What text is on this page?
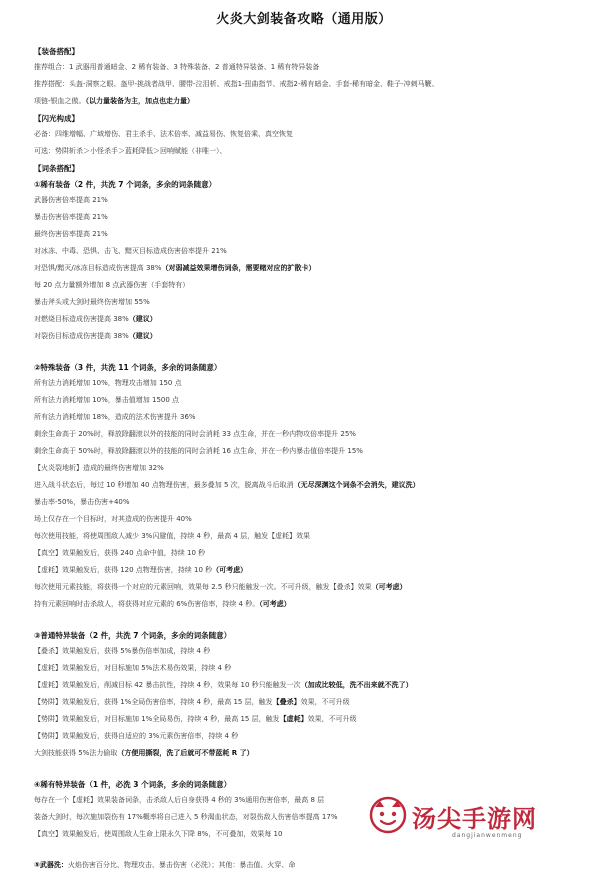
火炎大剑装备攻略（通用版）
【装备搭配】
推荐组合：1 武器用普通暗金、2 稀有装备、3 特殊装备、2 普通特异装备、1 稀有特异装备
推荐搭配：头盔-洞察之眼、盔甲-挑战者战甲、腰带-泣泪析、戒指1-扭曲指节、戒指2-稀有暗金、手套-稀有暗金、鞋子-冲刺马鞭、
项链-银血之傲。（以力量装备为主，加点也走力量）
【闪光构成】
必备：四维增幅、广域增伤、君主杀手、法术倍率、减益易伤、恢复倍乘、真空恢复
可选：势阱斩杀＞小怪杀手＞蓝耗降低＞回响赋能（非唯一）、
【词条搭配】
①稀有装备（2 件，共洗 7 个词条，多余的词条随意）
武器伤害倍率提高 21%
暴击伤害倍率提高 21%
最终伤害倍率提高 21%
对冰冻、中毒、恐惧、击飞、黯灭目标造成伤害倍率提升 21%
对恐惧/黯灭/冰冻目标造成伤害提高 38%（对弱减益效果增伤词条，需要赌对应的扩散卡）
每 20 点力量额外增加 8 点武器伤害（手套特有）
暴击斧头或大剑时最终伤害增加 55%
对燃烧目标造成伤害提高 38%（建议）
对裂伤目标造成伤害提高 38%（建议）
②特殊装备（3 件，共洗 11 个词条，多余的词条随意）
所有法力消耗增加 10%，物理攻击增加 150 点
所有法力消耗增加 10%，暴击值增加 1500 点
所有法力消耗增加 18%，造成的法术伤害提升 36%
剩余生命高于 20%时，释放除翻滚以外的技能的同时会消耗 33 点生命，并在一秒内物攻倍率提升 25%
剩余生命高于 50%时，释放除翻滚以外的技能的同时会消耗 16 点生命，并在一秒内暴击值倍率提升 15%
【火炎裂地斩】造成的最终伤害增加 32%
进入战斗状态后，每过 10 秒增加 40 点物理伤害，最多叠加 5 次，脱离战斗后取消（无尽深渊这个词条不会消失，建议洗）
暴击率-50%，暴击伤害+40%
场上仅存在一个目标时，对其造成的伤害提升 40%
每次使用技能，将使周围敌人减少 3%闪避值，持续 4 秒，最高 4 层，触发【虚耗】效果
【真空】效果触发后，获得 240 点命中值，持续 10 秒
【虚耗】效果触发后，获得 120 点物理伤害，持续 10 秒（可考虑）
每次使用元素技能，将获得一个对应的元素回响，效果每 2.5 秒只能触发一次。不可升级，触发【叠杀】效果（可考虑）
持有元素回响时击杀敌人，将获得对应元素的 6%伤害倍率，持续 4 秒。（可考虑）
③普通特异装备（2 件，共洗 7 个词条，多余的词条随意）
【叠杀】效果触发后，获得 5%暴伤倍率加成，持续 4 秒
【虚耗】效果触发后，对目标施加 5%法术易伤效果，持续 4 秒
【虚耗】效果触发后，削减目标 42 暴击抗性，持续 4 秒，效果每 10 秒只能触发一次（加成比较低，洗不出来就不洗了）
【势阱】效果触发后，获得 1%全局伤害倍率，持续 4 秒，最高 15 层，触发【叠杀】效果，不可升级
【势阱】效果触发后，对目标施加 1%全局易伤，持续 4 秒，最高 15 层，触发【虚耗】效果，不可升级
【势阱】效果触发后，获得自适应的 3%元素伤害倍率，持续 4 秒
大剑技能获得 5%法力偷取（方便用撕裂，洗了后就可不带蓝耗 R 了）
④稀有特异装备（1 件，必洗 3 个词条，多余的词条随意）
每存在一个【虚耗】效果装备词条，击杀敌人后自身获得 4 秒的 3%通用伤害倍率，最高 8 层
装备大剑时，每次施加裂伤有 17%概率将自己进入 5 秒渴血状态，对裂伤敌人伤害倍率提高 17%
【真空】效果触发后，使周围敌人生命上限永久下降 8%，不可叠加，效果每 10
⑤武器洗：火焰伤害百分比、物理攻击、暴击伤害（必洗）；其他：暴击值、火穿、命
汤尖手游网
dangjianwenmeng
